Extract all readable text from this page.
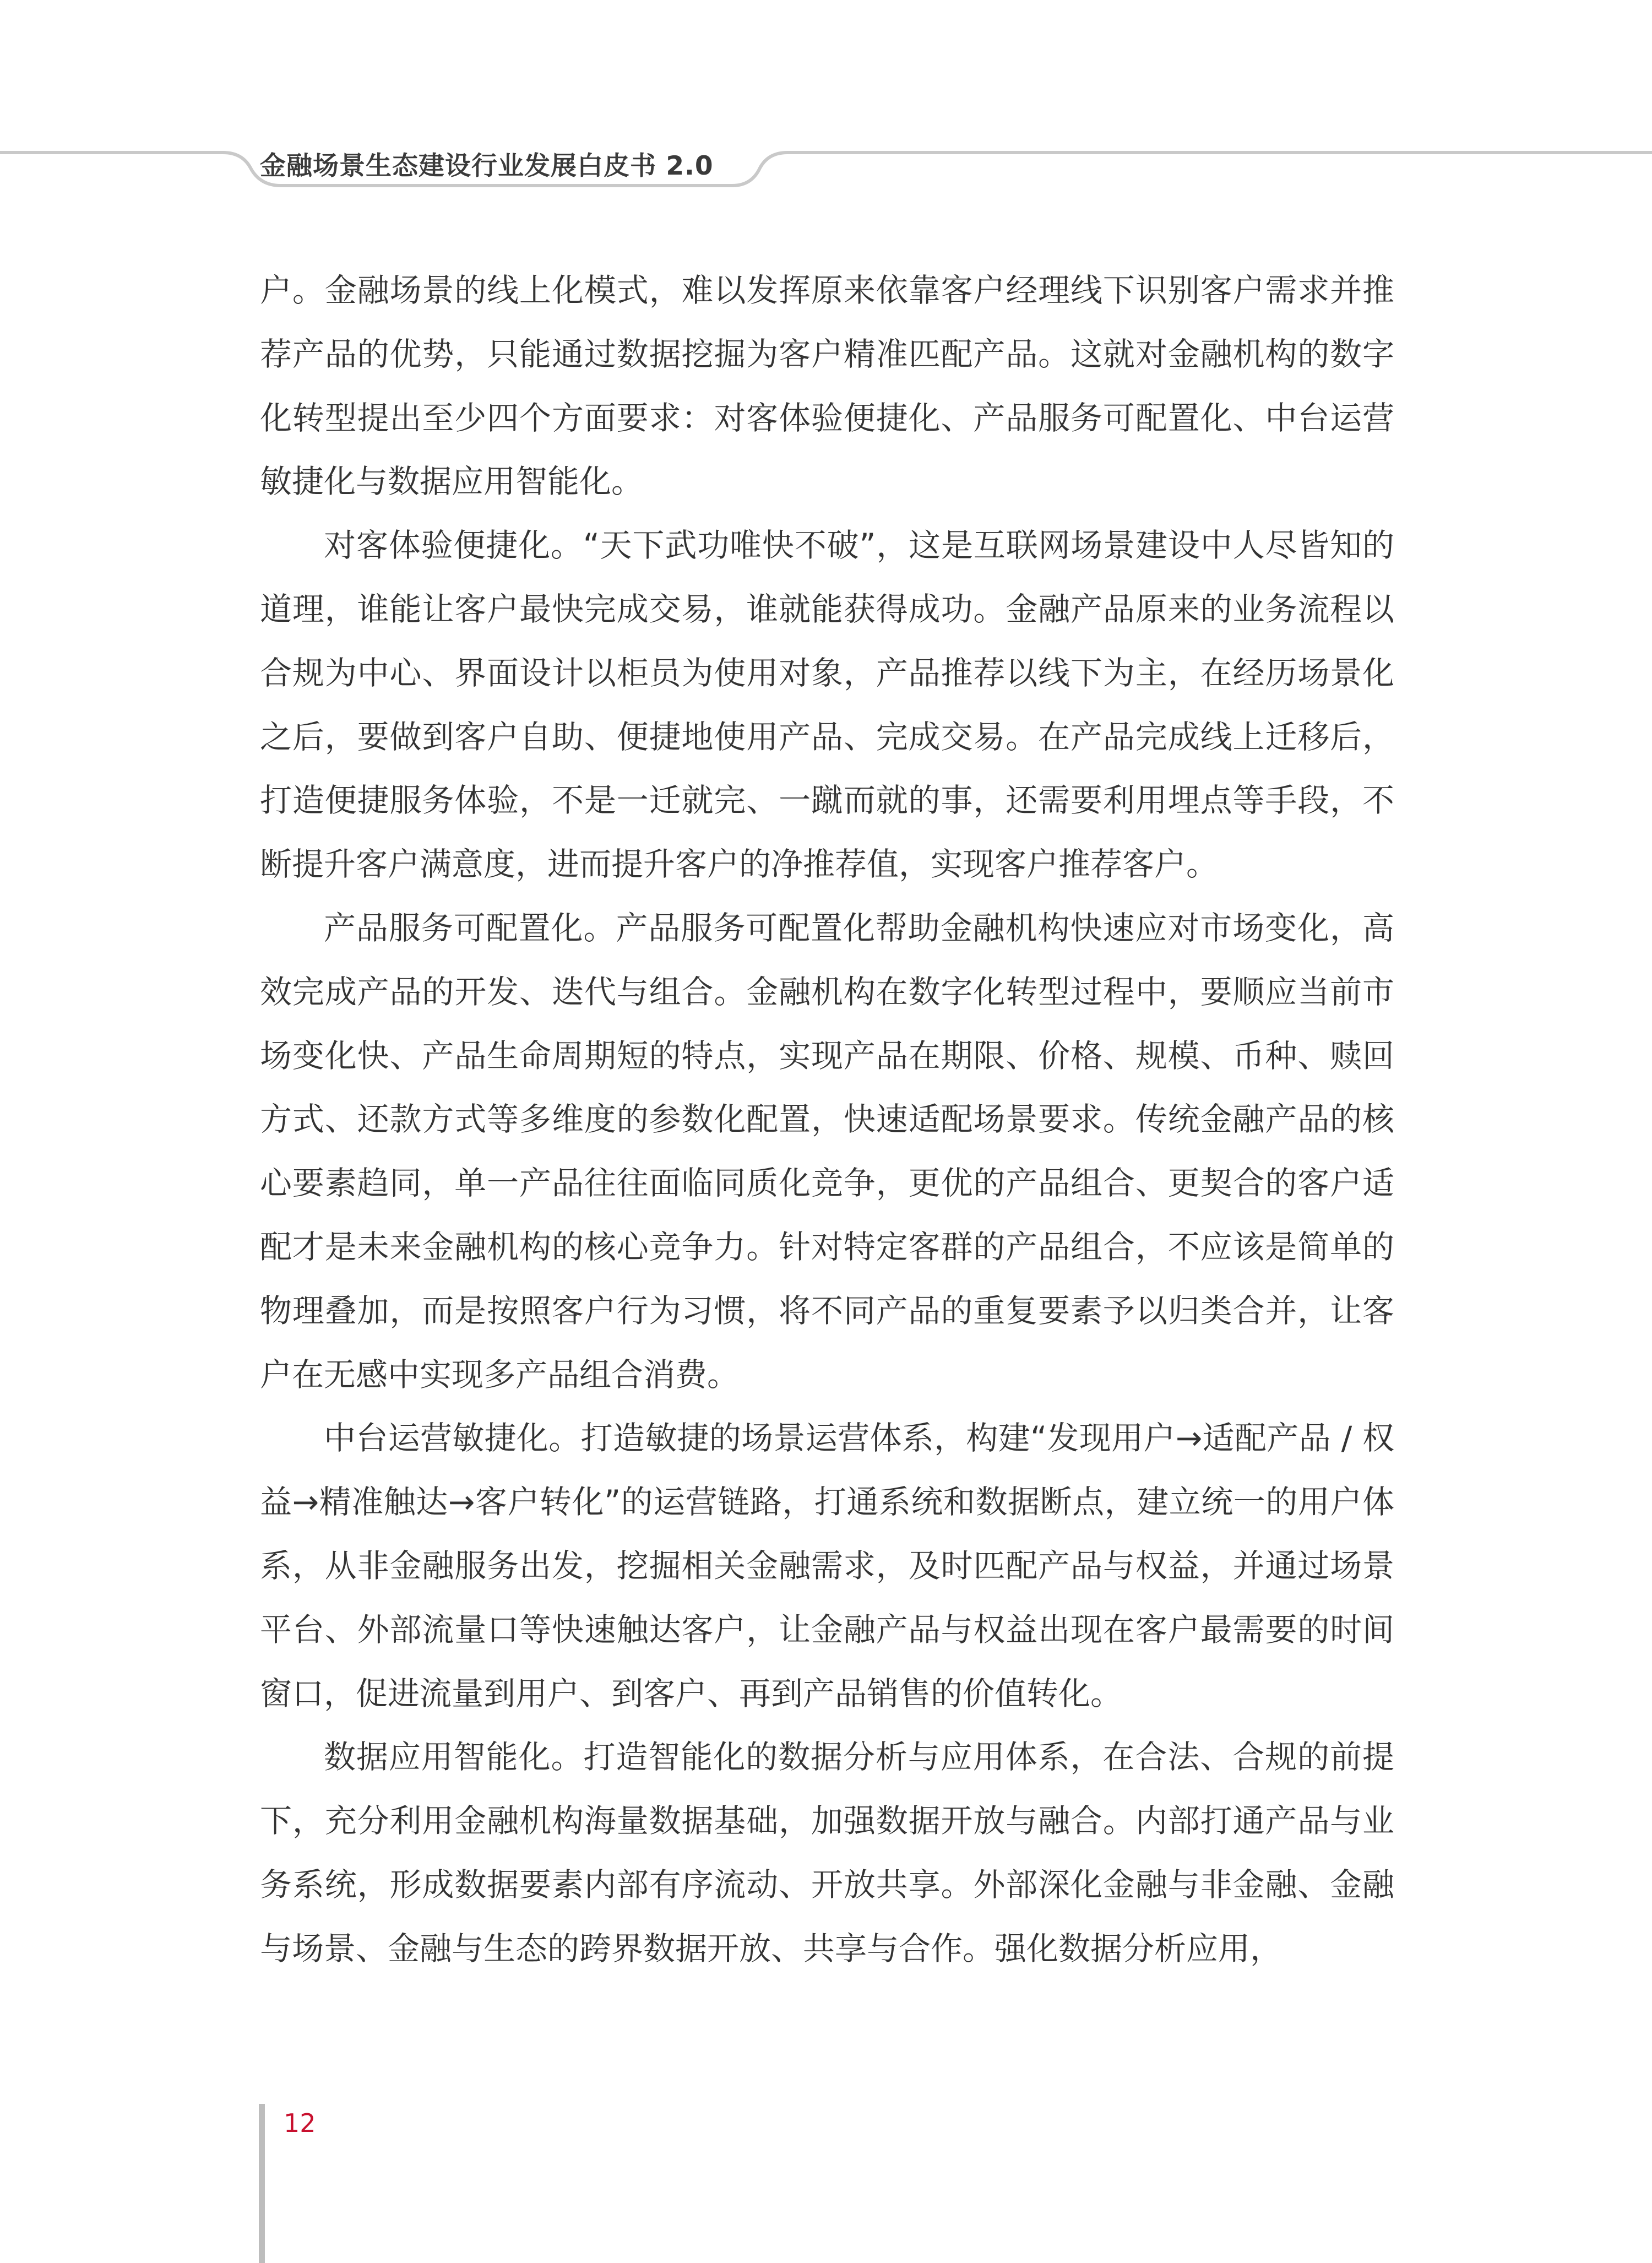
金融场景生态建设行业发展白皮书 2.0

户。金融场景的线上化模式，难以发挥原来依靠客户经理线下识别客户需求并推荐产品的优势，只能通过数据挖掘为客户精准匹配产品。这就对金融机构的数字化转型提出至少四个方面要求：对客体验便捷化、产品服务可配置化、中台运营敏捷化与数据应用智能化。

对客体验便捷化。“天下武功唯快不破”，这是互联网场景建设中人尽皆知的道理，谁能让客户最快完成交易，谁就能获得成功。金融产品原来的业务流程以合规为中心、界面设计以柜员为使用对象，产品推荐以线下为主，在经历场景化之后，要做到客户自助、便捷地使用产品、完成交易。在产品完成线上迁移后，打造便捷服务体验，不是一迁就完、一蹴而就的事，还需要利用埋点等手段，不断提升客户满意度，进而提升客户的净推荐值，实现客户推荐客户。

产品服务可配置化。产品服务可配置化帮助金融机构快速应对市场变化，高效完成产品的开发、迭代与组合。金融机构在数字化转型过程中，要顺应当前市场变化快、产品生命周期短的特点，实现产品在期限、价格、规模、币种、赎回方式、还款方式等多维度的参数化配置，快速适配场景要求。传统金融产品的核心要素趋同，单一产品往往面临同质化竞争，更优的产品组合、更契合的客户适配才是未来金融机构的核心竞争力。针对特定客群的产品组合，不应该是简单的物理叠加，而是按照客户行为习惯，将不同产品的重复要素予以归类合并，让客户在无感中实现多产品组合消费。

中台运营敏捷化。打造敏捷的场景运营体系，构建“发现用户→适配产品 / 权益→精准触达→客户转化”的运营链路，打通系统和数据断点，建立统一的用户体系，从非金融服务出发，挖掘相关金融需求，及时匹配产品与权益，并通过场景平台、外部流量口等快速触达客户，让金融产品与权益出现在客户最需要的时间窗口，促进流量到用户、到客户、再到产品销售的价值转化。

数据应用智能化。打造智能化的数据分析与应用体系，在合法、合规的前提下，充分利用金融机构海量数据基础，加强数据开放与融合。内部打通产品与业务系统，形成数据要素内部有序流动、开放共享。外部深化金融与非金融、金融与场景、金融与生态的跨界数据开放、共享与合作。强化数据分析应用，

12
